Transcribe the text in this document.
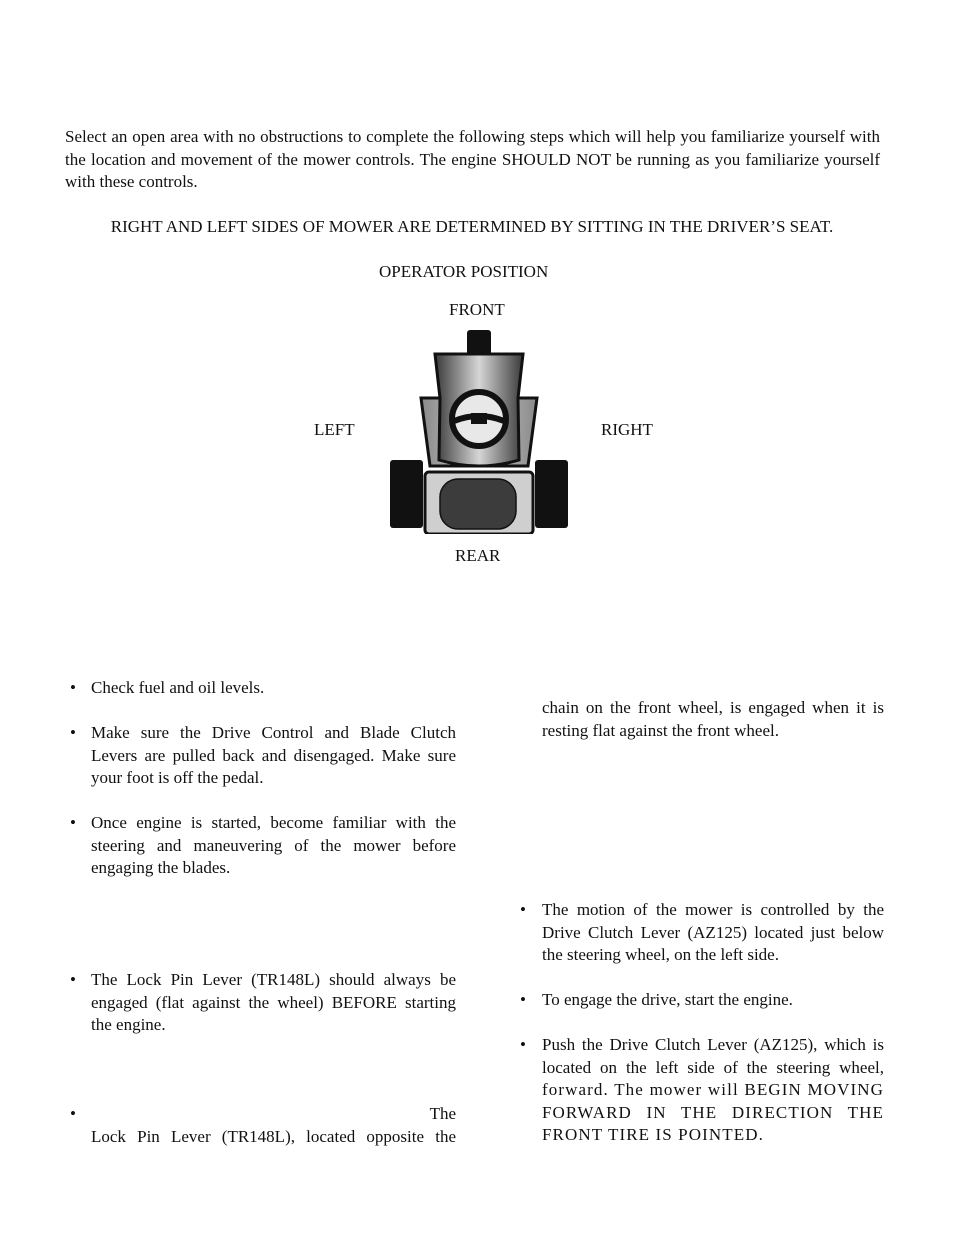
Select an open area with no obstructions to complete the following steps which will help you familiarize yourself with the location and movement of the mower controls. The engine SHOULD NOT be running as you familiarize yourself with these controls.
RIGHT AND LEFT SIDES OF MOWER ARE DETERMINED BY SITTING IN THE DRIVER’S SEAT.
OPERATOR POSITION
FRONT
LEFT	RIGHT
REAR
• Check fuel and oil levels.
• Make sure the Drive Control and Blade Clutch Levers are pulled back and disengaged. Make sure your foot is off the pedal.
• Once engine is started, become familiar with the steering and maneuvering of the mower before engaging the blades.
• The Lock Pin Lever (TR148L) should always be engaged (flat against the wheel) BEFORE starting the engine.
•	The
Lock Pin Lever (TR148L), located opposite the
chain on the front wheel, is engaged when it is resting flat against the front wheel.
• The motion of the mower is controlled by the Drive Clutch Lever (AZ125) located just below the steering wheel, on the left side.
• To engage the drive, start the engine.
• Push the Drive Clutch Lever (AZ125), which is located on the left side of the steering wheel, forward. The mower will BEGIN MOVING FORWARD IN THE DIRECTION THE FRONT TIRE IS POINTED.
